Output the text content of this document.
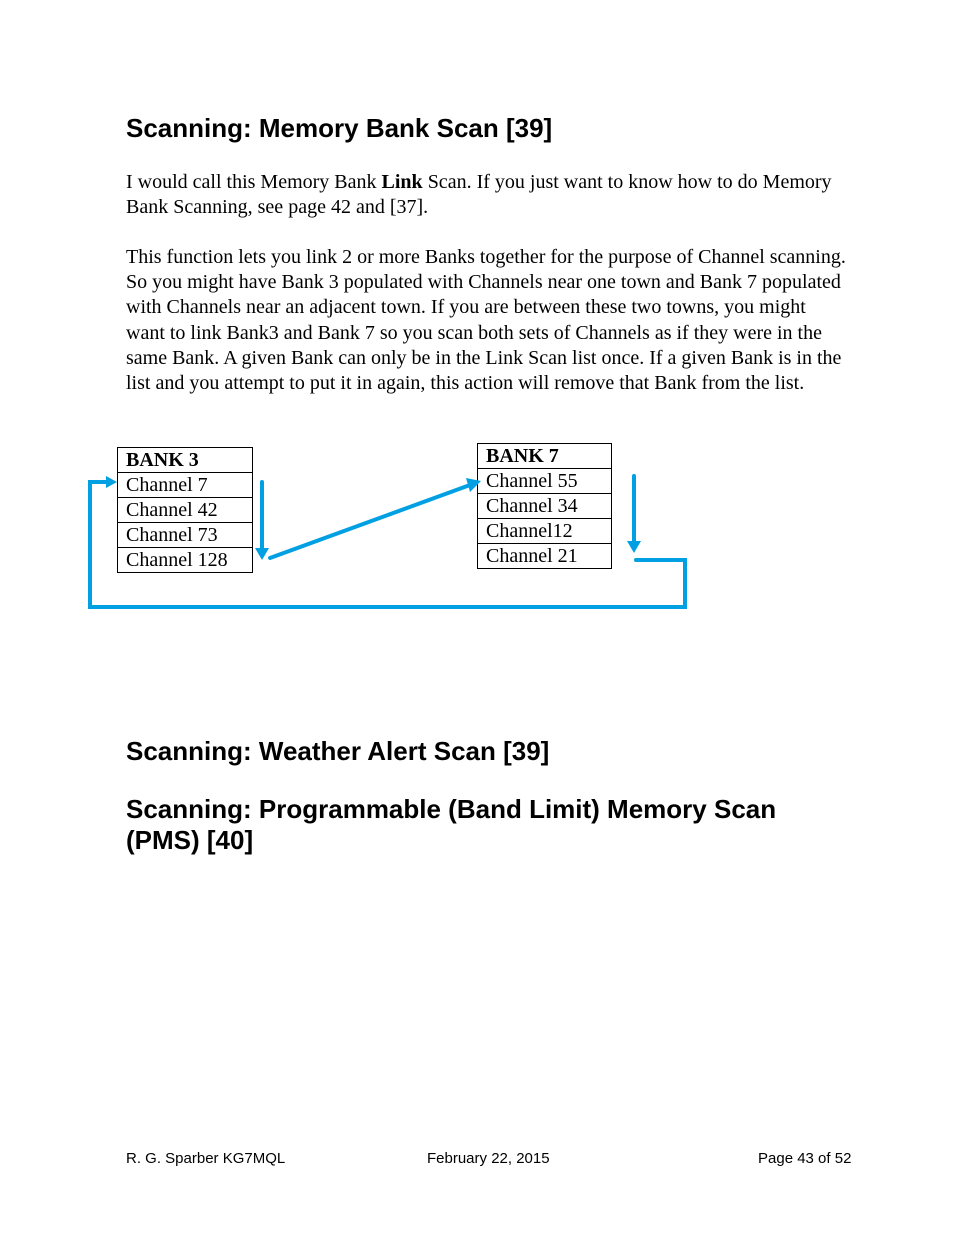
Scanning: Memory Bank Scan [39]

I would call this Memory Bank Link Scan. If you just want to know how to do Memory Bank Scanning, see page 42 and [37].

This function lets you link 2 or more Banks together for the purpose of Channel scanning. So you might have Bank 3 populated with Channels near one town and Bank 7 populated with Channels near an adjacent town. If you are between these two towns, you might want to link Bank3 and Bank 7 so you scan both sets of Channels as if they were in the same Bank. A given Bank can only be in the Link Scan list once. If a given Bank is in the list and you attempt to put it in again, this action will remove that Bank from the list.

BANK 3
Channel 7
Channel 42
Channel 73
Channel 128
BANK 7
Channel 55
Channel 34
Channel12
Channel 21
Scanning: Weather Alert Scan [39]
Scanning: Programmable (Band Limit) Memory Scan (PMS) [40]
R. G. Sparber KG7MQL	February 22, 2015	Page 43 of 52
